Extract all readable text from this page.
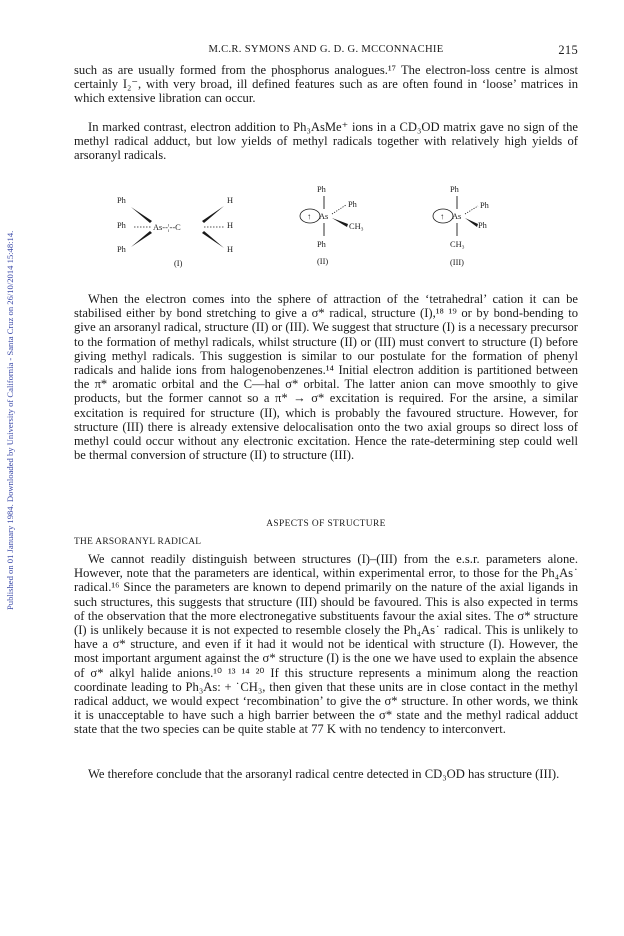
Published on 01 January 1984. Downloaded by University of California - Santa Cruz on 26/10/2014 15:48:14.
M.C.R. SYMONS AND G. D. G. MCCONNACHIE	215

such as are usually formed from the phosphorus analogues.¹⁷ The electron-loss centre is almost certainly I₂⁻, with very broad, ill defined features such as are often found in ‘loose’ matrices in which extensive libration can occur.

In marked contrast, electron addition to Ph₃AsMe⁺ ions in a CD₃OD matrix gave no sign of the methyl radical adduct, but low yields of methyl radicals together with relatively high yields of arsoranyl radicals.

Ph
Ph
Ph
As--¦--C
H
H
H
(I)
Ph
Ph
↑ As
CH₃
Ph
(II)
Ph
Ph
↑ As
Ph
CH₃
(III)

When the electron comes into the sphere of attraction of the ‘tetrahedral’ cation it can be stabilised either by bond stretching to give a σ* radical, structure (I),¹⁸ ¹⁹ or by bond-bending to give an arsoranyl radical, structure (II) or (III). We suggest that structure (I) is a necessary precursor to the formation of methyl radicals, whilst structure (II) or (III) must convert to structure (I) before giving methyl radicals. This suggestion is similar to our postulate for the formation of phenyl radicals and halide ions from halogenobenzenes.¹⁴ Initial electron addition is partitioned between the π* aromatic orbital and the C—hal σ* orbital. The latter anion can move smoothly to give products, but the former cannot so a π* → σ* excitation is required. For the arsine, a similar excitation is required for structure (II), which is probably the favoured structure. However, for structure (III) there is already extensive delocalisation onto the two axial groups so direct loss of methyl could occur without any electronic excitation. Hence the rate-determining step could well be thermal conversion of structure (II) to structure (III).

ASPECTS OF STRUCTURE
THE ARSORANYL RADICAL

We cannot readily distinguish between structures (I)–(III) from the e.s.r. parameters alone. However, note that the parameters are identical, within experimental error, to those for the Ph₄As˙ radical.¹⁶ Since the parameters are known to depend primarily on the nature of the axial ligands in such structures, this suggests that structure (III) should be favoured. This is also expected in terms of the observation that the more electronegative substituents favour the axial sites. The σ* structure (I) is unlikely because it is not expected to resemble closely the Ph₄As˙ radical. This is unlikely to have a σ* structure, and even if it had it would not be identical with structure (I). However, the most important argument against the σ* structure (I) is the one we have used to explain the absence of σ* alkyl halide anions.¹⁰ ¹³ ¹⁴ ²⁰ If this structure represents a minimum along the reaction coordinate leading to Ph₃As: + ˙CH₃, then given that these units are in close contact in the methyl radical adduct, we would expect ‘recombination’ to give the σ* structure. In other words, we think it is unacceptable to have such a high barrier between the σ* state and the methyl radical adduct state that the two species can be quite stable at 77 K with no tendency to interconvert.

We therefore conclude that the arsoranyl radical centre detected in CD₃OD has structure (III).
